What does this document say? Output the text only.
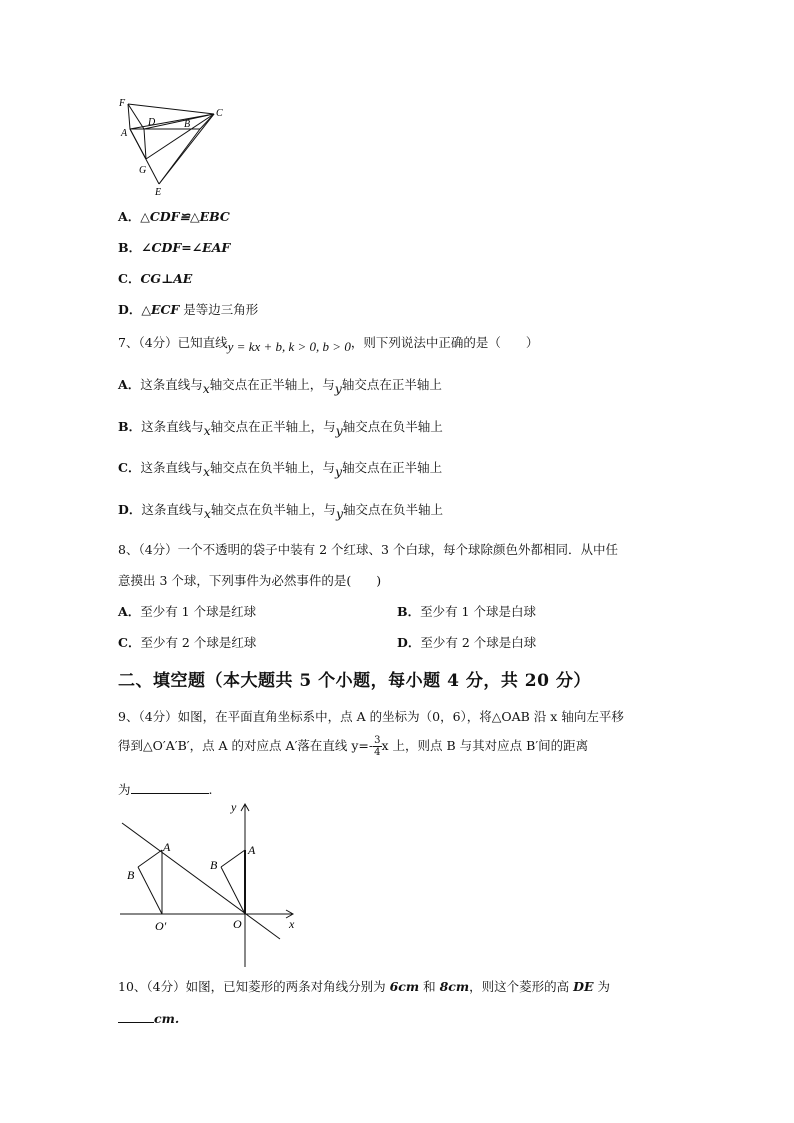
F
C
D
A
B
G
E
A．△CDF≌△EBC
B．∠CDF=∠EAF
C．CG⊥AE
D．△ECF 是等边三角形
7、（4分）已知直线y = kx + b, k > 0, b > 0，则下列说法中正确的是（　　）
A．这条直线与x轴交点在正半轴上，与y轴交点在正半轴上
B．这条直线与x轴交点在正半轴上，与y轴交点在负半轴上
C．这条直线与x轴交点在负半轴上，与y轴交点在正半轴上
D．这条直线与x轴交点在负半轴上，与y轴交点在负半轴上
8、（4分）一个不透明的袋子中装有 2 个红球、3 个白球，每个球除颜色外都相同．从中任
意摸出 3 个球，下列事件为必然事件的是(　　)
A．至少有 1 个球是红球	B．至少有 1 个球是白球
C．至少有 2 个球是红球	D．至少有 2 个球是白球
二、填空题（本大题共 5 个小题，每小题 4 分，共 20 分）
9、（4分）如图，在平面直角坐标系中，点 A 的坐标为（0，6），将△OAB 沿 x 轴向左平移
得到△O′A′B′，点 A 的对应点 A′落在直线 $y=- \frac{3}{4}$ x 上，则点 B 与其对应点 B′间的距离
为	.
y
A
B
O′
A
B
O	x
10、（4分）如图，已知菱形的两条对角线分别为 6cm 和 8cm，则这个菱形的高 DE 为
cm.
